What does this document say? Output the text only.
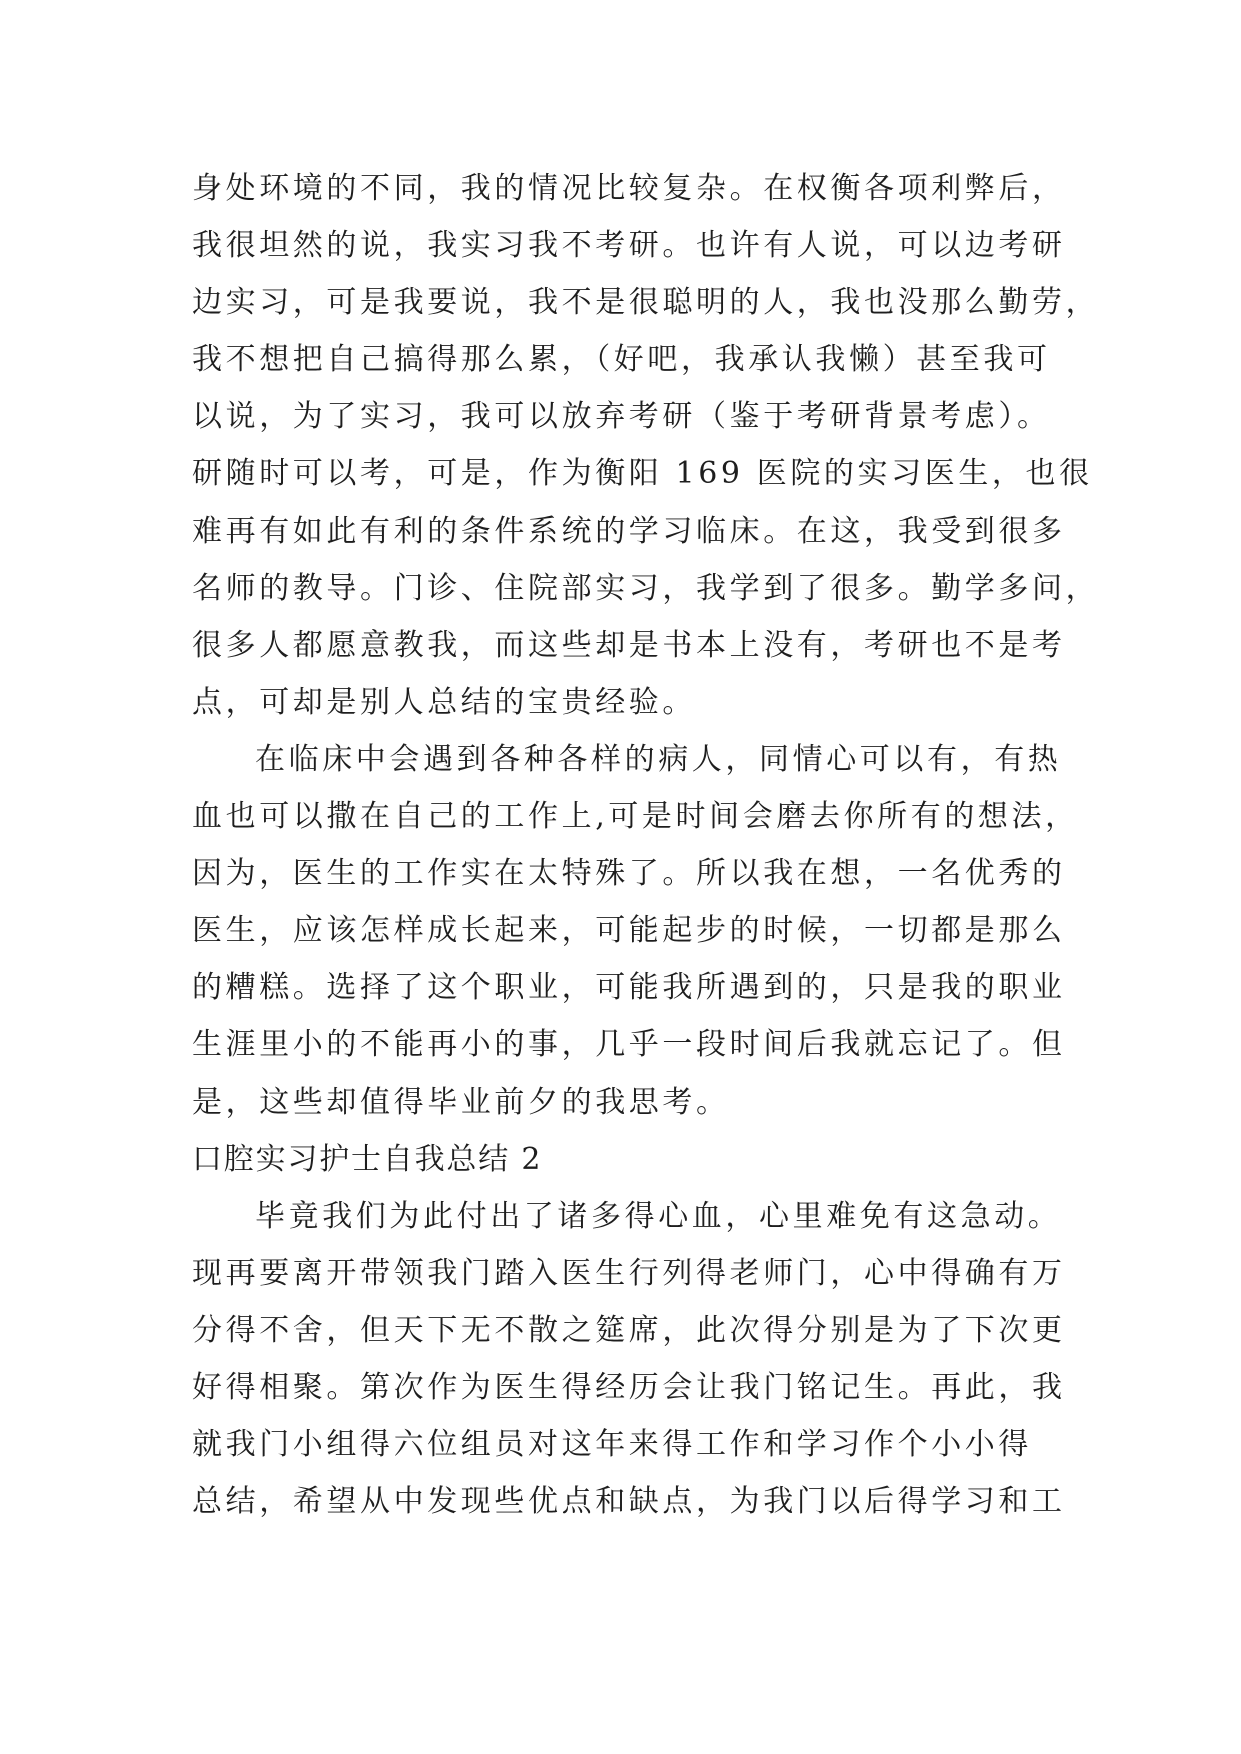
身处环境的不同，我的情况比较复杂。在权衡各项利弊后，
我很坦然的说，我实习我不考研。也许有人说，可以边考研
边实习，可是我要说，我不是很聪明的人，我也没那么勤劳，
我不想把自己搞得那么累，（好吧，我承认我懒）甚至我可
以说，为了实习，我可以放弃考研（鉴于考研背景考虑）。
研随时可以考，可是，作为衡阳 169 医院的实习医生，也很
难再有如此有利的条件系统的学习临床。在这，我受到很多
名师的教导。门诊、住院部实习，我学到了很多。勤学多问，
很多人都愿意教我，而这些却是书本上没有，考研也不是考
点，可却是别人总结的宝贵经验。
在临床中会遇到各种各样的病人，同情心可以有，有热
血也可以撒在自己的工作上,可是时间会磨去你所有的想法，
因为，医生的工作实在太特殊了。所以我在想，一名优秀的
医生，应该怎样成长起来，可能起步的时候，一切都是那么
的糟糕。选择了这个职业，可能我所遇到的，只是我的职业
生涯里小的不能再小的事，几乎一段时间后我就忘记了。但
是，这些却值得毕业前夕的我思考。
口腔实习护士自我总结 2
毕竟我们为此付出了诸多得心血，心里难免有这急动。
现再要离开带领我门踏入医生行列得老师门，心中得确有万
分得不舍，但天下无不散之筵席，此次得分别是为了下次更
好得相聚。第次作为医生得经历会让我门铭记生。再此，我
就我门小组得六位组员对这年来得工作和学习作个小小得
总结，希望从中发现些优点和缺点，为我门以后得学习和工
